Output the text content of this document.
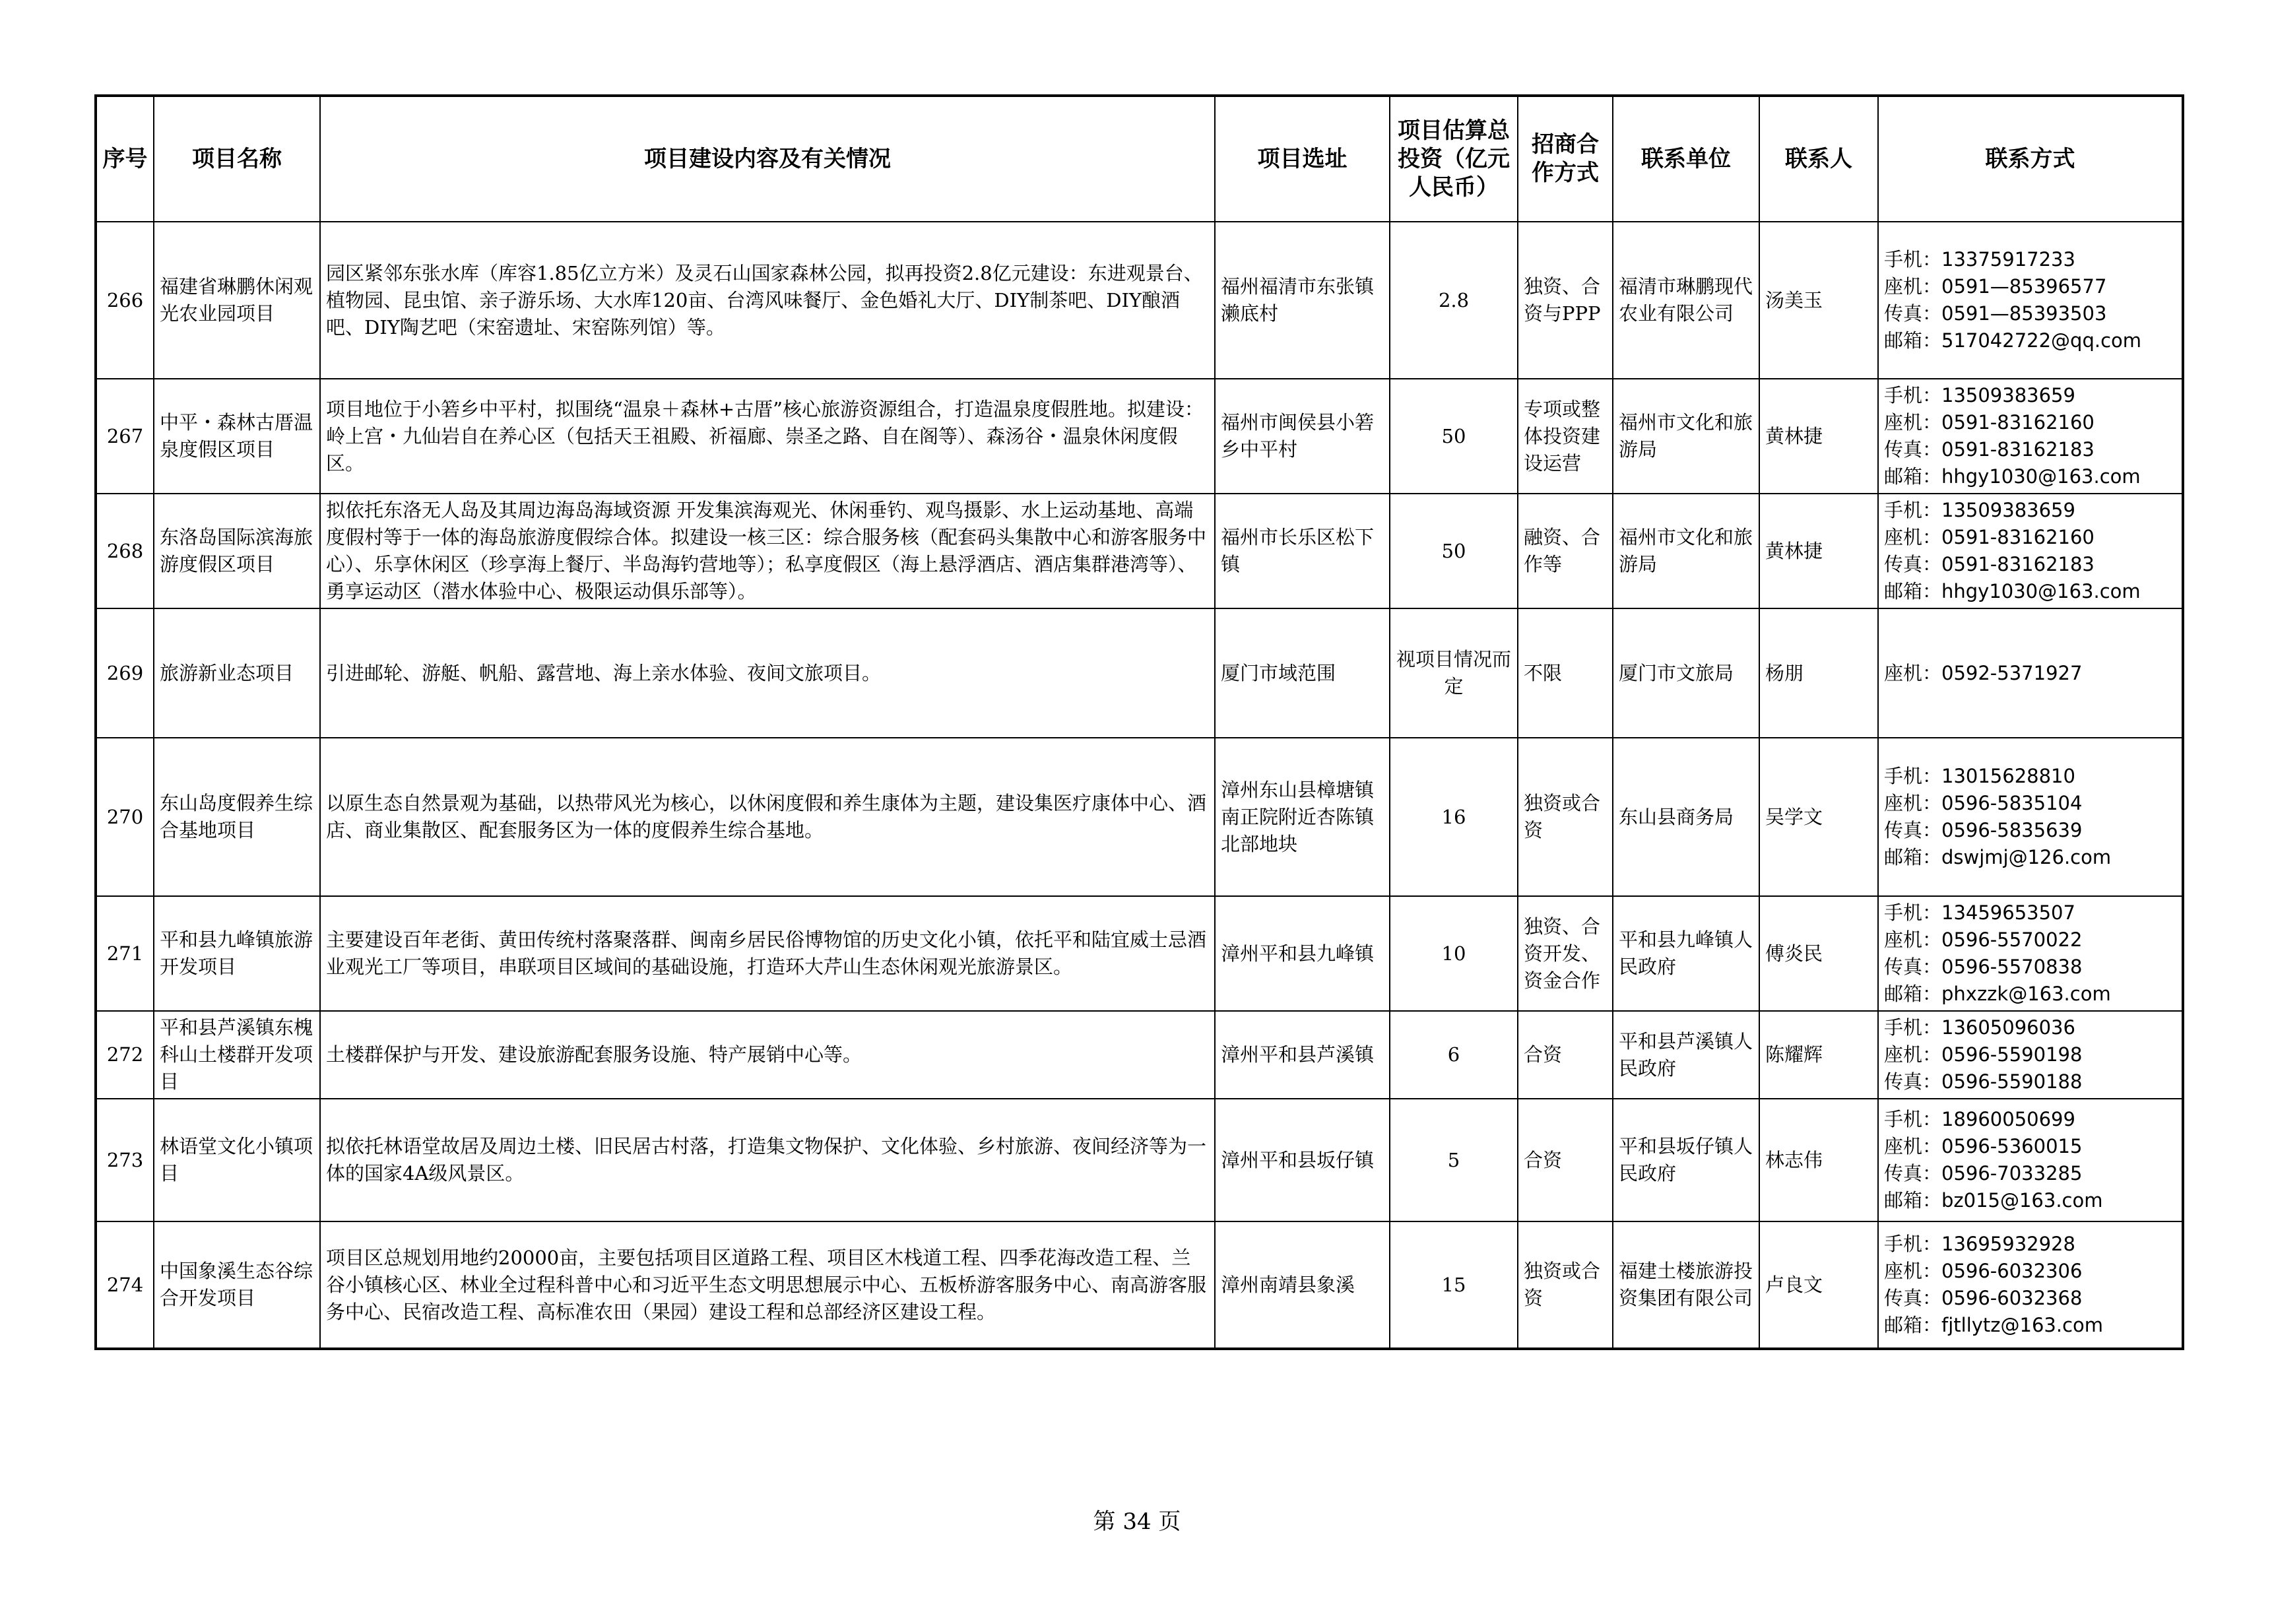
序号	项目名称	项目建设内容及有关情况	项目选址	项目估算总投资（亿元人民币）	招商合作方式	联系单位	联系人	联系方式
266	福建省琳鹏休闲观光农业园项目	园区紧邻东张水库（库容1.85亿立方米）及灵石山国家森林公园，拟再投资2.8亿元建设：东进观景台、植物园、昆虫馆、亲子游乐场、大水库120亩、台湾风味餐厅、金色婚礼大厅、DIY制茶吧、DIY酿酒吧、DIY陶艺吧（宋窑遗址、宋窑陈列馆）等。	福州福清市东张镇濑底村	2.8	独资、合资与PPP	福清市琳鹏现代农业有限公司	汤美玉	手机：13375917233
座机：0591—85396577
传真：0591—85393503
邮箱：517042722@qq.com

267	中平・森林古厝温泉度假区项目	项目地位于小箬乡中平村，拟围绕“温泉＋森林+古厝”核心旅游资源组合，打造温泉度假胜地。拟建设：岭上宫・九仙岩自在养心区（包括天王祖殿、祈福廊、崇圣之路、自在阁等）、森汤谷・温泉休闲度假区。	福州市闽侯县小箬乡中平村	50	专项或整体投资建设运营	福州市文化和旅游局	黄林捷	手机：13509383659
座机：0591-83162160
传真：0591-83162183
邮箱：hhgy1030@163.com

268	东洛岛国际滨海旅游度假区项目	拟依托东洛无人岛及其周边海岛海域资源 开发集滨海观光、休闲垂钓、观鸟摄影、水上运动基地、高端度假村等于一体的海岛旅游度假综合体。拟建设一核三区：综合服务核（配套码头集散中心和游客服务中心）、乐享休闲区（珍享海上餐厅、半岛海钓营地等）；私享度假区（海上悬浮酒店、酒店集群港湾等）、勇享运动区（潜水体验中心、极限运动俱乐部等）。	福州市长乐区松下镇	50	融资、合作等	福州市文化和旅游局	黄林捷	手机：13509383659
座机：0591-83162160
传真：0591-83162183
邮箱：hhgy1030@163.com

269	旅游新业态项目	引进邮轮、游艇、帆船、露营地、海上亲水体验、夜间文旅项目。	厦门市域范围	视项目情况而定	不限	厦门市文旅局	杨朋	座机：0592-5371927

270	东山岛度假养生综合基地项目	以原生态自然景观为基础，以热带风光为核心，以休闲度假和养生康体为主题，建设集医疗康体中心、酒店、商业集散区、配套服务区为一体的度假养生综合基地。	漳州东山县樟塘镇南正院附近杏陈镇北部地块	16	独资或合资	东山县商务局	吴学文	手机：13015628810
座机：0596-5835104
传真：0596-5835639
邮箱：dswjmj@126.com

271	平和县九峰镇旅游开发项目	主要建设百年老街、黄田传统村落聚落群、闽南乡居民俗博物馆的历史文化小镇，依托平和陆宜威士忌酒业观光工厂等项目，串联项目区域间的基础设施，打造环大芹山生态休闲观光旅游景区。	漳州平和县九峰镇	10	独资、合资开发、资金合作	平和县九峰镇人民政府	傅炎民	手机：13459653507
座机：0596-5570022
传真：0596-5570838
邮箱：phxzzk@163.com

272	平和县芦溪镇东槐科山土楼群开发项目	土楼群保护与开发、建设旅游配套服务设施、特产展销中心等。	漳州平和县芦溪镇	6	合资	平和县芦溪镇人民政府	陈耀辉	手机：13605096036
座机：0596-5590198
传真：0596-5590188

273	林语堂文化小镇项目	拟依托林语堂故居及周边土楼、旧民居古村落，打造集文物保护、文化体验、乡村旅游、夜间经济等为一体的国家4A级风景区。	漳州平和县坂仔镇	5	合资	平和县坂仔镇人民政府	林志伟	手机：18960050699
座机：0596-5360015
传真：0596-7033285
邮箱：bz015@163.com

274	中国象溪生态谷综合开发项目	项目区总规划用地约20000亩，主要包括项目区道路工程、项目区木栈道工程、四季花海改造工程、兰谷小镇核心区、林业全过程科普中心和习近平生态文明思想展示中心、五板桥游客服务中心、南高游客服务中心、民宿改造工程、高标准农田（果园）建设工程和总部经济区建设工程。	漳州南靖县象溪	15	独资或合资	福建土楼旅游投资集团有限公司	卢良文	手机：13695932928
座机：0596-6032306
传真：0596-6032368
邮箱：fjtllytz@163.com
第 34 页
